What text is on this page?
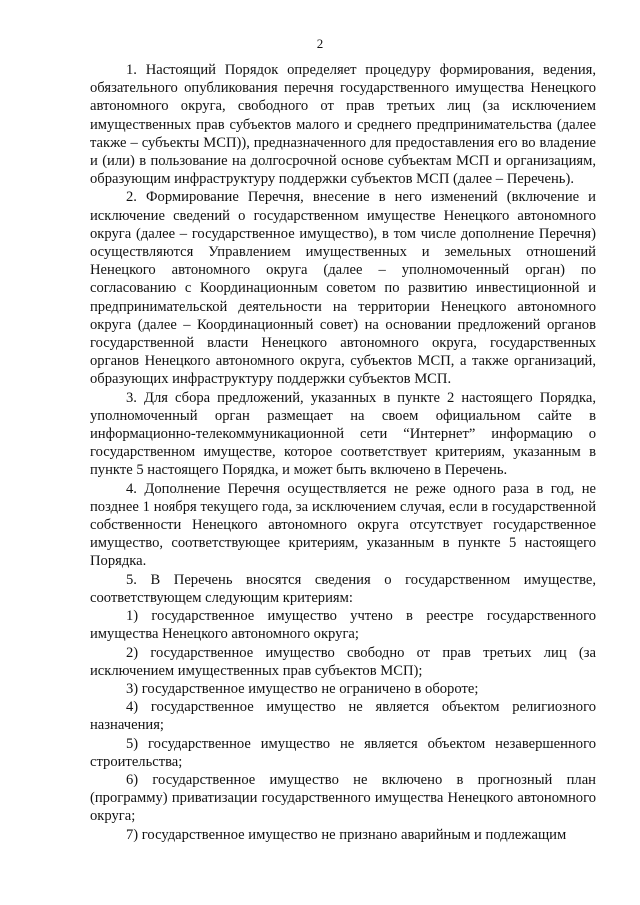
2

1. Настоящий Порядок определяет процедуру формирования, ведения, обязательного опубликования перечня государственного имущества Ненецкого автономного округа, свободного от прав третьих лиц (за исключением имущественных прав субъектов малого и среднего предпринимательства (далее также – субъекты МСП)), предназначенного для предоставления его во владение и (или) в пользование на долгосрочной основе субъектам МСП и организациям, образующим инфраструктуру поддержки субъектов МСП (далее – Перечень).

2. Формирование Перечня, внесение в него изменений (включение и исключение сведений о государственном имуществе Ненецкого автономного округа (далее – государственное имущество), в том числе дополнение Перечня) осуществляются Управлением имущественных и земельных отношений Ненецкого автономного округа (далее – уполномоченный орган) по согласованию с Координационным советом по развитию инвестиционной и предпринимательской деятельности на территории Ненецкого автономного округа (далее – Координационный совет) на основании предложений органов государственной власти Ненецкого автономного округа, государственных органов Ненецкого автономного округа, субъектов МСП, а также организаций, образующих инфраструктуру поддержки субъектов МСП.

3. Для сбора предложений, указанных в пункте 2 настоящего Порядка, уполномоченный орган размещает на своем официальном сайте в информационно-телекоммуникационной сети “Интернет” информацию о государственном имуществе, которое соответствует критериям, указанным в пункте 5 настоящего Порядка, и может быть включено в Перечень.

4. Дополнение Перечня осуществляется не реже одного раза в год, не позднее 1 ноября текущего года, за исключением случая, если в государственной собственности Ненецкого автономного округа отсутствует государственное имущество, соответствующее критериям, указанным в пункте 5 настоящего Порядка.

5. В Перечень вносятся сведения о государственном имуществе, соответствующем следующим критериям:

1) государственное имущество учтено в реестре государственного имущества Ненецкого автономного округа;

2) государственное имущество свободно от прав третьих лиц (за исключением имущественных прав субъектов МСП);

3) государственное имущество не ограничено в обороте;

4) государственное имущество не является объектом религиозного назначения;

5) государственное имущество не является объектом незавершенного строительства;

6) государственное имущество не включено в прогнозный план (программу) приватизации государственного имущества Ненецкого автономного округа;

7) государственное имущество не признано аварийным и подлежащим
